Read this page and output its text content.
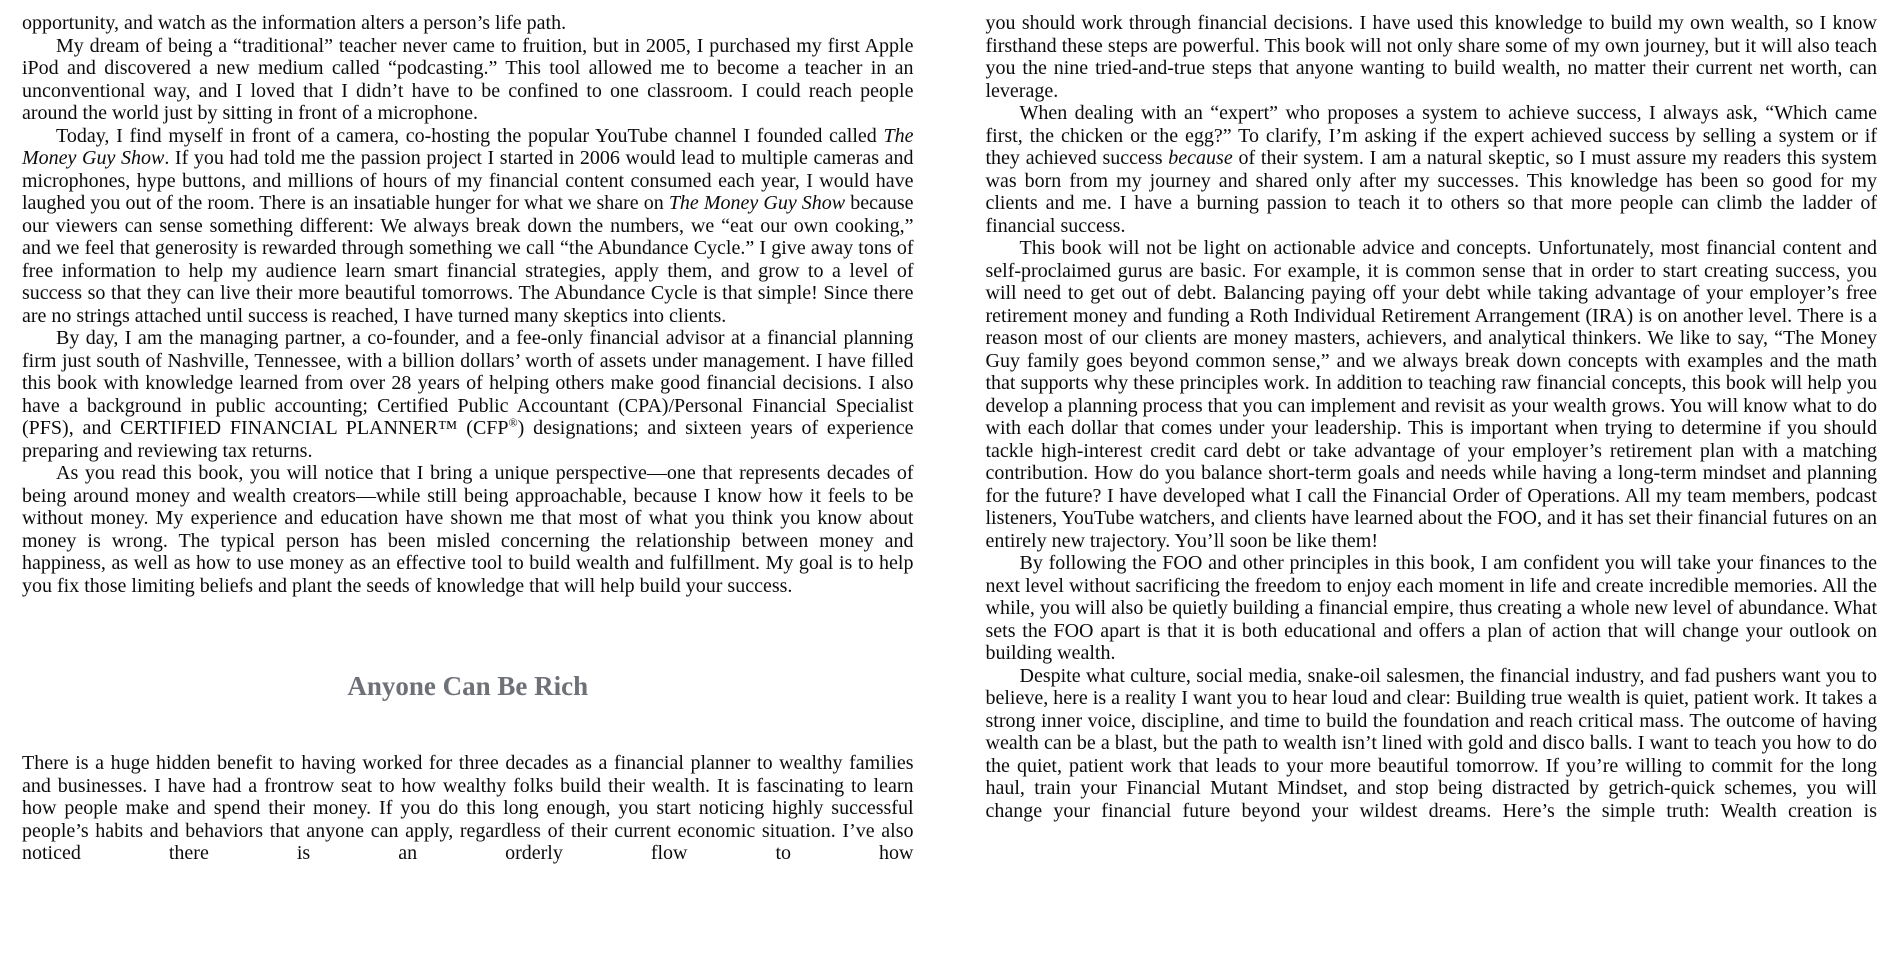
opportunity, and watch as the information alters a person’s life path.

My dream of being a “traditional” teacher never came to fruition, but in 2005, I purchased my first Apple iPod and discovered a new medium called “podcasting.” This tool allowed me to become a teacher in an unconventional way, and I loved that I didn’t have to be confined to one classroom. I could reach people around the world just by sitting in front of a microphone.

Today, I find myself in front of a camera, co-hosting the popular YouTube channel I founded called The Money Guy Show. If you had told me the passion project I started in 2006 would lead to multiple cameras and microphones, hype buttons, and millions of hours of my financial content consumed each year, I would have laughed you out of the room. There is an insatiable hunger for what we share on The Money Guy Show because our viewers can sense something different: We always break down the numbers, we “eat our own cooking,” and we feel that generosity is rewarded through something we call “the Abundance Cycle.” I give away tons of free information to help my audience learn smart financial strategies, apply them, and grow to a level of success so that they can live their more beautiful tomorrows. The Abundance Cycle is that simple! Since there are no strings attached until success is reached, I have turned many skeptics into clients.

By day, I am the managing partner, a co-founder, and a fee-only financial advisor at a financial planning firm just south of Nashville, Tennessee, with a billion dollars’ worth of assets under management. I have filled this book with knowledge learned from over 28 years of helping others make good financial decisions. I also have a background in public accounting; Certified Public Accountant (CPA)/Personal Financial Specialist (PFS), and CERTIFIED FINANCIAL PLANNER™ (CFP®) designations; and sixteen years of experience preparing and reviewing tax returns.

As you read this book, you will notice that I bring a unique perspective—one that represents decades of being around money and wealth creators—while still being approachable, because I know how it feels to be without money. My experience and education have shown me that most of what you think you know about money is wrong. The typical person has been misled concerning the relationship between money and happiness, as well as how to use money as an effective tool to build wealth and fulfillment. My goal is to help you fix those limiting beliefs and plant the seeds of knowledge that will help build your success.

Anyone Can Be Rich

There is a huge hidden benefit to having worked for three decades as a financial planner to wealthy families and businesses. I have had a frontrow seat to how wealthy folks build their wealth. It is fascinating to learn how people make and spend their money. If you do this long enough, you start noticing highly successful people’s habits and behaviors that anyone can apply, regardless of their current economic situation. I’ve also noticed there is an orderly flow to how

you should work through financial decisions. I have used this knowledge to build my own wealth, so I know firsthand these steps are powerful. This book will not only share some of my own journey, but it will also teach you the nine tried-and-true steps that anyone wanting to build wealth, no matter their current net worth, can leverage.

When dealing with an “expert” who proposes a system to achieve success, I always ask, “Which came first, the chicken or the egg?” To clarify, I’m asking if the expert achieved success by selling a system or if they achieved success because of their system. I am a natural skeptic, so I must assure my readers this system was born from my journey and shared only after my successes. This knowledge has been so good for my clients and me. I have a burning passion to teach it to others so that more people can climb the ladder of financial success.

This book will not be light on actionable advice and concepts. Unfortunately, most financial content and self-proclaimed gurus are basic. For example, it is common sense that in order to start creating success, you will need to get out of debt. Balancing paying off your debt while taking advantage of your employer’s free retirement money and funding a Roth Individual Retirement Arrangement (IRA) is on another level. There is a reason most of our clients are money masters, achievers, and analytical thinkers. We like to say, “The Money Guy family goes beyond common sense,” and we always break down concepts with examples and the math that supports why these principles work. In addition to teaching raw financial concepts, this book will help you develop a planning process that you can implement and revisit as your wealth grows. You will know what to do with each dollar that comes under your leadership. This is important when trying to determine if you should tackle high-interest credit card debt or take advantage of your employer’s retirement plan with a matching contribution. How do you balance short-term goals and needs while having a long-term mindset and planning for the future? I have developed what I call the Financial Order of Operations. All my team members, podcast listeners, YouTube watchers, and clients have learned about the FOO, and it has set their financial futures on an entirely new trajectory. You’ll soon be like them!

By following the FOO and other principles in this book, I am confident you will take your finances to the next level without sacrificing the freedom to enjoy each moment in life and create incredible memories. All the while, you will also be quietly building a financial empire, thus creating a whole new level of abundance. What sets the FOO apart is that it is both educational and offers a plan of action that will change your outlook on building wealth.

Despite what culture, social media, snake-oil salesmen, the financial industry, and fad pushers want you to believe, here is a reality I want you to hear loud and clear: Building true wealth is quiet, patient work. It takes a strong inner voice, discipline, and time to build the foundation and reach critical mass. The outcome of having wealth can be a blast, but the path to wealth isn’t lined with gold and disco balls. I want to teach you how to do the quiet, patient work that leads to your more beautiful tomorrow. If you’re willing to commit for the long haul, train your Financial Mutant Mindset, and stop being distracted by getrich-quick schemes, you will change your financial future beyond your wildest dreams. Here’s the simple truth: Wealth creation is
